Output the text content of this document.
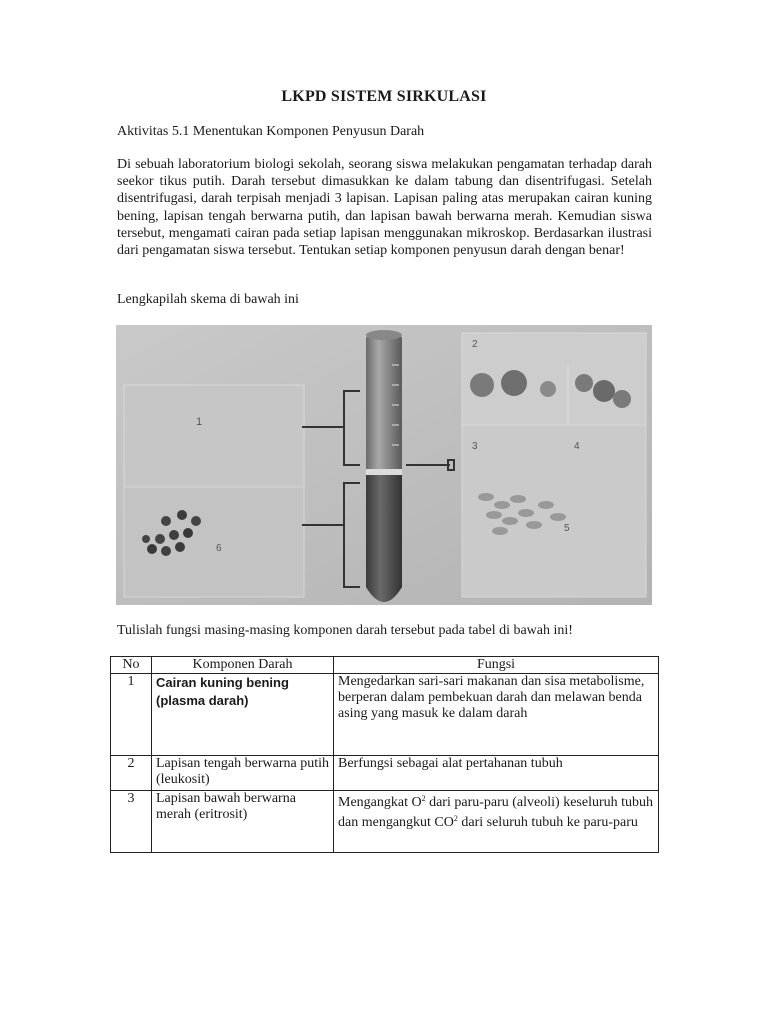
LKPD SISTEM SIRKULASI
Aktivitas 5.1 Menentukan Komponen Penyusun Darah
Di sebuah laboratorium biologi sekolah, seorang siswa melakukan pengamatan terhadap darah seekor tikus putih. Darah tersebut dimasukkan ke dalam tabung dan disentrifugasi. Setelah disentrifugasi, darah terpisah menjadi 3 lapisan. Lapisan paling atas merupakan cairan kuning bening, lapisan tengah berwarna putih, dan lapisan bawah berwarna merah. Kemudian siswa tersebut, mengamati cairan pada setiap lapisan menggunakan mikroskop. Berdasarkan ilustrasi dari pengamatan siswa tersebut. Tentukan setiap komponen penyusun darah dengan benar!
Lengkapilah skema di bawah ini
1
6
2
3	4
5
Tulislah fungsi masing-masing komponen darah tersebut pada tabel di bawah ini!
No	Komponen Darah	Fungsi
1	Cairan kuning bening (plasma darah)	Mengedarkan sari-sari makanan dan sisa metabolisme, berperan dalam pembekuan darah dan melawan benda asing yang masuk ke dalam darah
2	Lapisan tengah berwarna putih (leukosit)	Berfungsi sebagai alat pertahanan tubuh
3	Lapisan bawah berwarna merah (eritrosit)	Mengangkat $O^2$ dari paru-paru (alveoli) keseluruh tubuh dan mengangkut $CO^2$ dari seluruh tubuh ke paru-paru
